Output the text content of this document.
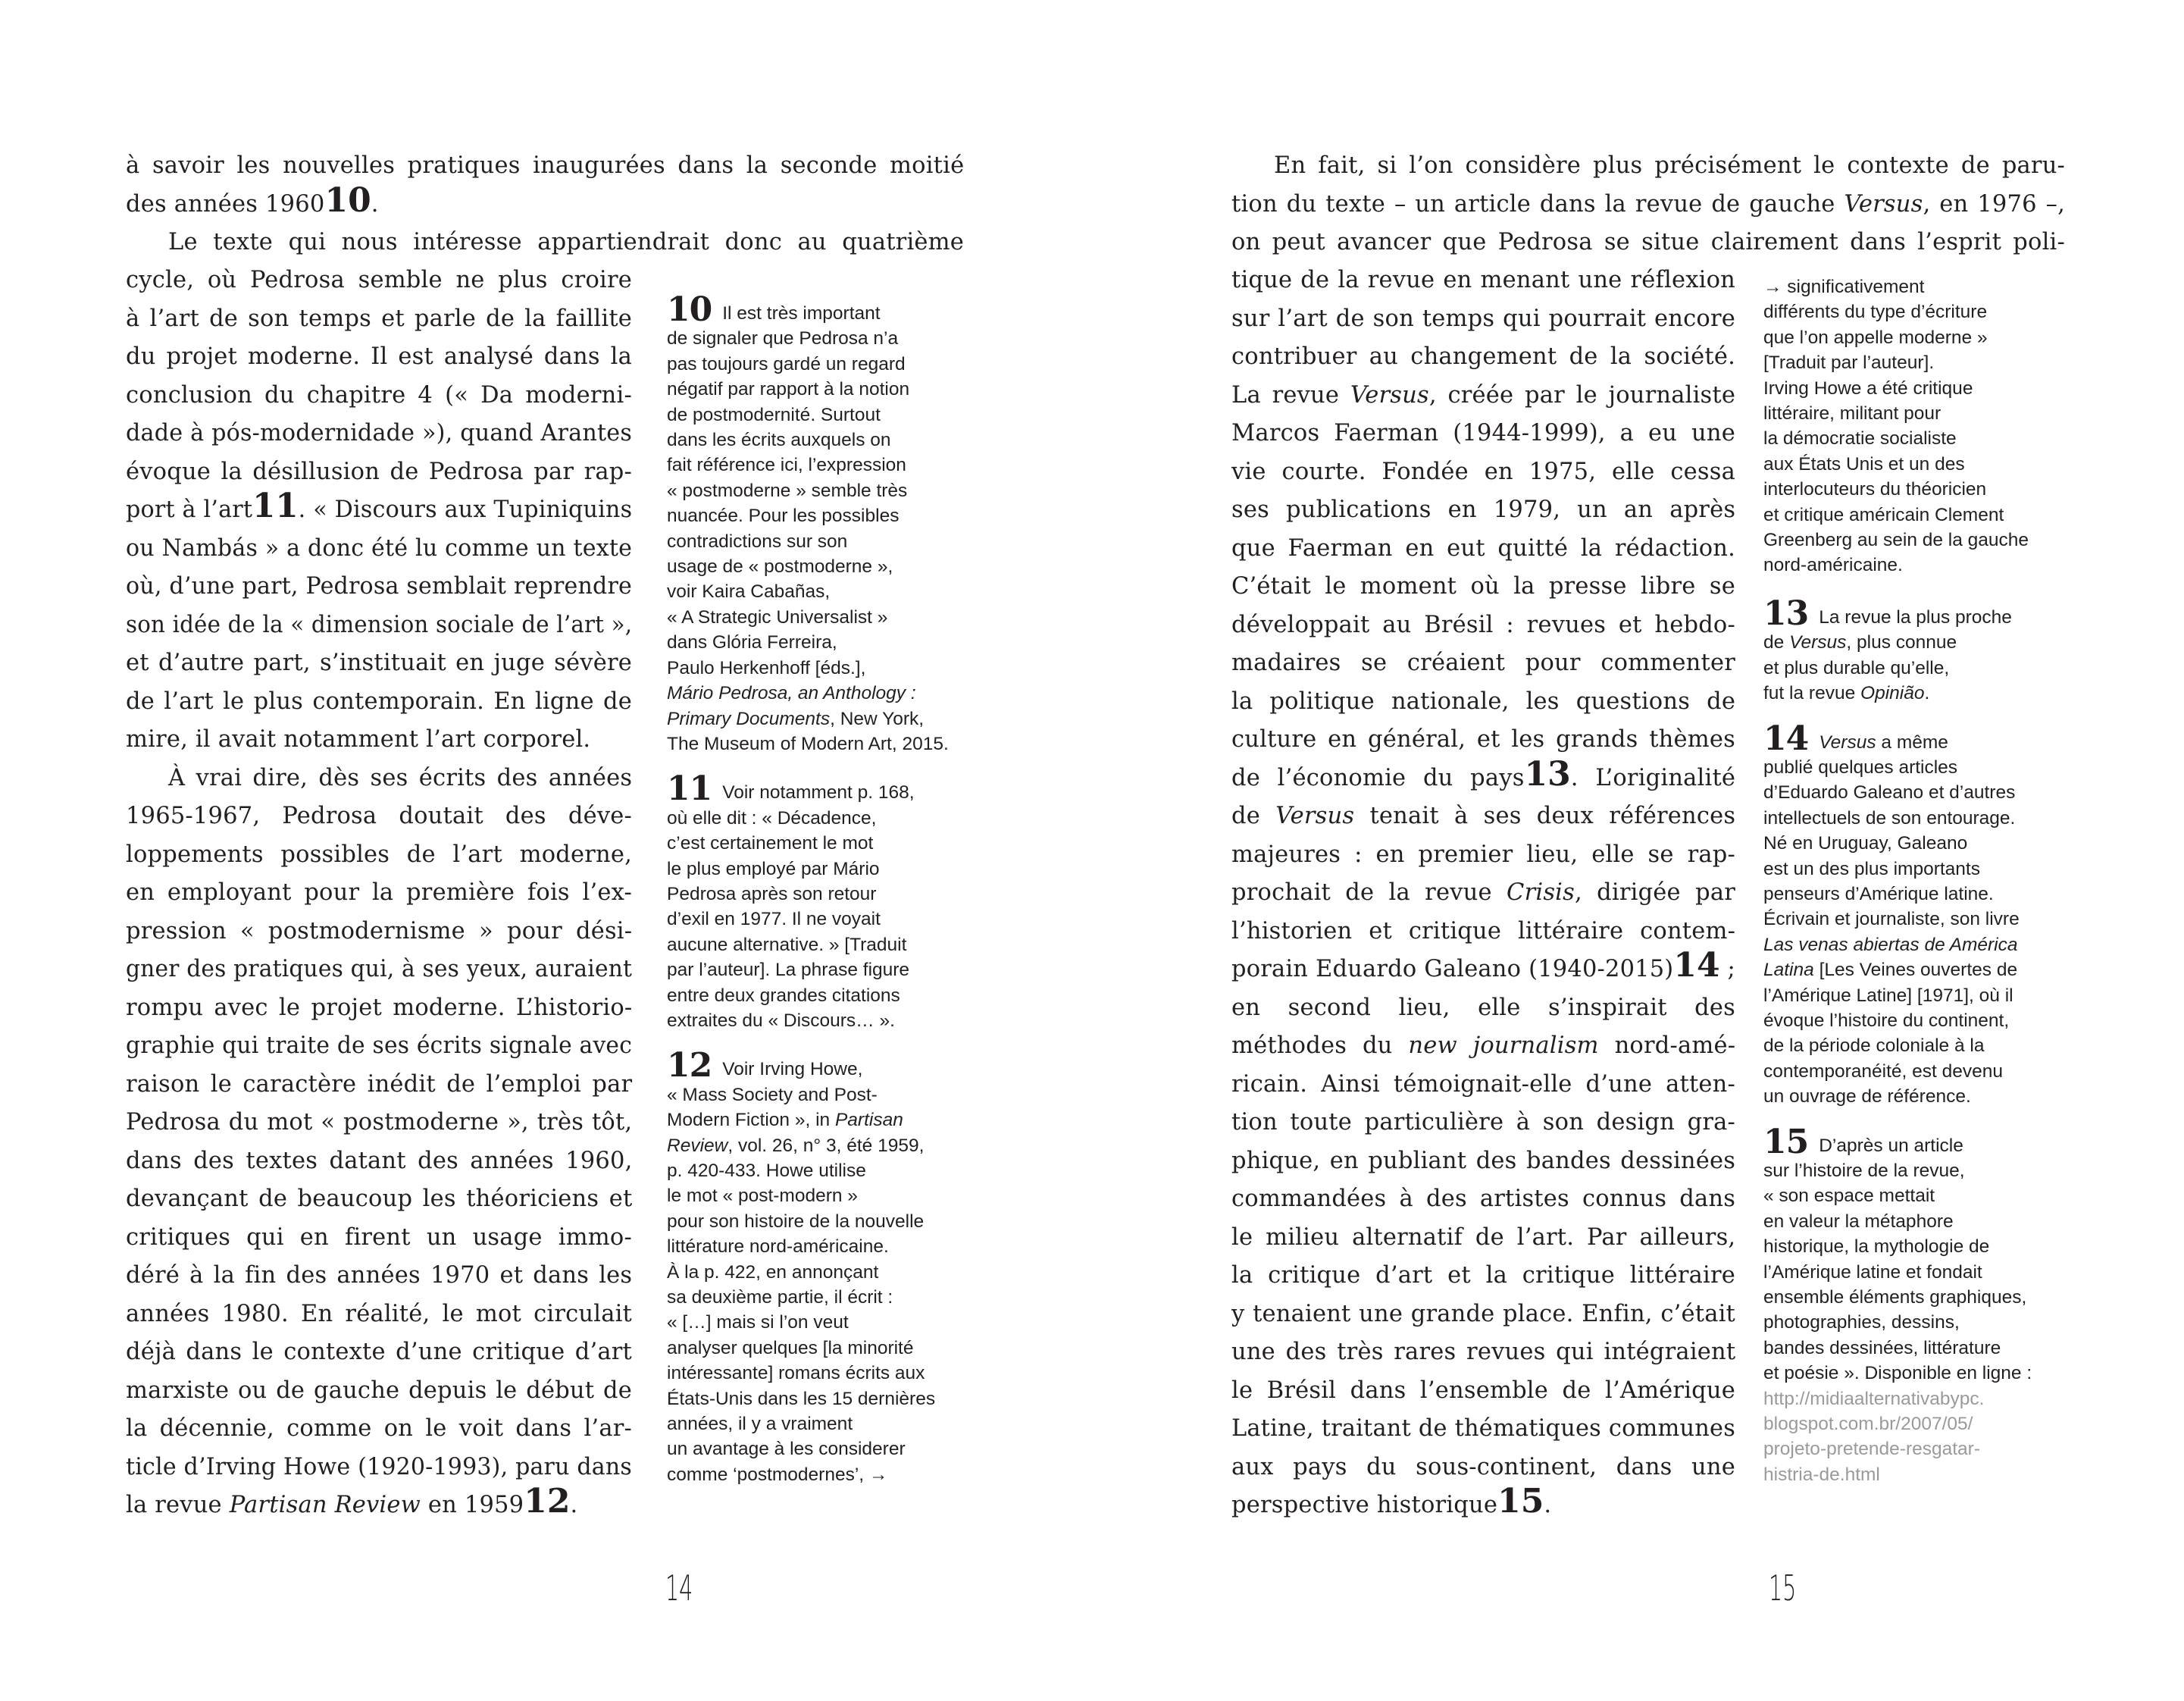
à savoir les nouvelles pratiques inaugurées dans la seconde moitié
des années 196010.
Le texte qui nous intéresse appartiendrait donc au quatrième
cycle, où Pedrosa semble ne plus croire
à l’art de son temps et parle de la faillite
du projet moderne. Il est analysé dans la
conclusion du chapitre 4 (« Da moderni-
dade à pós-modernidade »), quand Arantes
évoque la désillusion de Pedrosa par rap-
port à l’art11. « Discours aux Tupiniquins
ou Nambás » a donc été lu comme un texte
où, d’une part, Pedrosa semblait reprendre
son idée de la « dimension sociale de l’art »,
et d’autre part, s’instituait en juge sévère
de l’art le plus contemporain. En ligne de
mire, il avait notamment l’art corporel.
À vrai dire, dès ses écrits des années
1965-1967, Pedrosa doutait des déve-
loppements possibles de l’art moderne,
en employant pour la première fois l’ex-
pression « postmodernisme » pour dési-
gner des pratiques qui, à ses yeux, auraient
rompu avec le projet moderne. L’historio-
graphie qui traite de ses écrits signale avec
raison le caractère inédit de l’emploi par
Pedrosa du mot « postmoderne », très tôt,
dans des textes datant des années 1960,
devançant de beaucoup les théoriciens et
critiques qui en firent un usage immo-
déré à la fin des années 1970 et dans les
années 1980. En réalité, le mot circulait
déjà dans le contexte d’une critique d’art
marxiste ou de gauche depuis le début de
la décennie, comme on le voit dans l’ar-
ticle d’Irving Howe (1920-1993), paru dans
la revue Partisan Review en 195912.
10 Il est très important
de signaler que Pedrosa n’a
pas toujours gardé un regard
négatif par rapport à la notion
de postmodernité. Surtout
dans les écrits auxquels on
fait référence ici, l’expression
« postmoderne » semble très
nuancée. Pour les possibles
contradictions sur son
usage de « postmoderne »,
voir Kaira Cabañas,
« A Strategic Universalist »
dans Glória Ferreira,
Paulo Herkenhoff [éds.],
Mário Pedrosa, an Anthology :
Primary Documents, New York,
The Museum of Modern Art, 2015.
11 Voir notamment p. 168,
où elle dit : « Décadence,
c’est certainement le mot
le plus employé par Mário
Pedrosa après son retour
d’exil en 1977. Il ne voyait
aucune alternative. » [Traduit
par l’auteur]. La phrase figure
entre deux grandes citations
extraites du « Discours… ».
12 Voir Irving Howe,
« Mass Society and Post-
Modern Fiction », in Partisan
Review, vol. 26, n° 3, été 1959,
p. 420-433. Howe utilise
le mot « post-modern »
pour son histoire de la nouvelle
littérature nord-américaine.
À la p. 422, en annonçant
sa deuxième partie, il écrit :
« […] mais si l’on veut
analyser quelques [la minorité
intéressante] romans écrits aux
États-Unis dans les 15 dernières
années, il y a vraiment
un avantage à les considerer
comme ‘postmodernes’, →
14
En fait, si l’on considère plus précisément le contexte de paru-
tion du texte – un article dans la revue de gauche Versus, en 1976 –,
on peut avancer que Pedrosa se situe clairement dans l’esprit poli-
tique de la revue en menant une réflexion
sur l’art de son temps qui pourrait encore
contribuer au changement de la société.
La revue Versus, créée par le journaliste
Marcos Faerman (1944-1999), a eu une
vie courte. Fondée en 1975, elle cessa
ses publications en 1979, un an après
que Faerman en eut quitté la rédaction.
C’était le moment où la presse libre se
développait au Brésil : revues et hebdo-
madaires se créaient pour commenter
la politique nationale, les questions de
culture en général, et les grands thèmes
de l’économie du pays13. L’originalité
de Versus tenait à ses deux références
majeures : en premier lieu, elle se rap-
prochait de la revue Crisis, dirigée par
l’historien et critique littéraire contem-
porain Eduardo Galeano (1940-2015)14 ;
en second lieu, elle s’inspirait des
méthodes du new journalism nord-amé-
ricain. Ainsi témoignait-elle d’une atten-
tion toute particulière à son design gra-
phique, en publiant des bandes dessinées
commandées à des artistes connus dans
le milieu alternatif de l’art. Par ailleurs,
la critique d’art et la critique littéraire
y tenaient une grande place. Enfin, c’était
une des très rares revues qui intégraient
le Brésil dans l’ensemble de l’Amérique
Latine, traitant de thématiques communes
aux pays du sous-continent, dans une
perspective historique15.
→ significativement
différents du type d’écriture
que l’on appelle moderne »
[Traduit par l’auteur].
Irving Howe a été critique
littéraire, militant pour
la démocratie socialiste
aux États Unis et un des
interlocuteurs du théoricien
et critique américain Clement
Greenberg au sein de la gauche
nord-américaine.
13 La revue la plus proche
de Versus, plus connue
et plus durable qu’elle,
fut la revue Opinião.
14 Versus a même
publié quelques articles
d’Eduardo Galeano et d’autres
intellectuels de son entourage.
Né en Uruguay, Galeano
est un des plus importants
penseurs d’Amérique latine.
Écrivain et journaliste, son livre
Las venas abiertas de América
Latina [Les Veines ouvertes de
l’Amérique Latine] [1971], où il
évoque l’histoire du continent,
de la période coloniale à la
contemporanéité, est devenu
un ouvrage de référence.
15 D’après un article
sur l’histoire de la revue,
« son espace mettait
en valeur la métaphore
historique, la mythologie de
l’Amérique latine et fondait
ensemble éléments graphiques,
photographies, dessins,
bandes dessinées, littérature
et poésie ». Disponible en ligne :
http://midiaalternativabypc.
blogspot.com.br/2007/05/
projeto-pretende-resgatar-
histria-de.html
15
